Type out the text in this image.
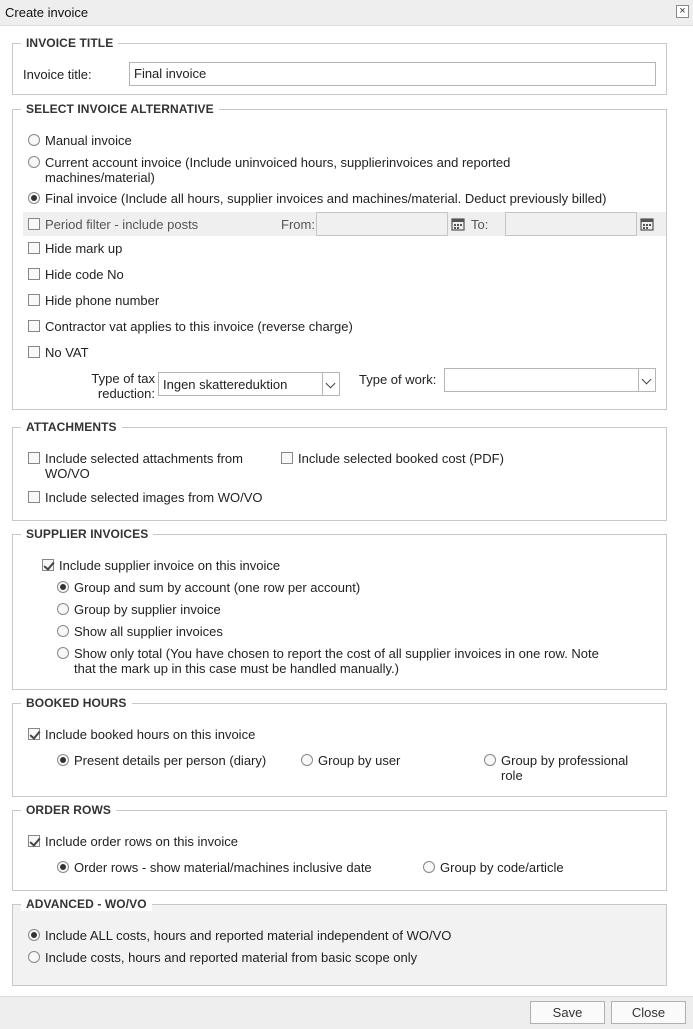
Create invoice	×
INVOICE TITLE
Invoice title:	Final invoice
SELECT INVOICE ALTERNATIVE
Manual invoice
Current account invoice (Include uninvoiced hours, supplierinvoices and reported machines/material)
Final invoice (Include all hours, supplier invoices and machines/material. Deduct previously billed)
Period filter - include posts	From:	To:
Hide mark up
Hide code No
Hide phone number
Contractor vat applies to this invoice (reverse charge)
No VAT
Type of tax reduction:
Ingen skattereduktion	Type of work:
ATTACHMENTS
Include selected attachments from WO/VO
Include selected booked cost (PDF)
Include selected images from WO/VO
SUPPLIER INVOICES
Include supplier invoice on this invoice
Group and sum by account (one row per account)
Group by supplier invoice
Show all supplier invoices
Show only total (You have chosen to report the cost of all supplier invoices in one row. Note that the mark up in this case must be handled manually.)
BOOKED HOURS
Include booked hours on this invoice
Present details per person (diary)	Group by user	Group by professional role
ORDER ROWS
Include order rows on this invoice
Order rows - show material/machines inclusive date	Group by code/article
ADVANCED - WO/VO
Include ALL costs, hours and reported material independent of WO/VO
Include costs, hours and reported material from basic scope only
Save	Close
